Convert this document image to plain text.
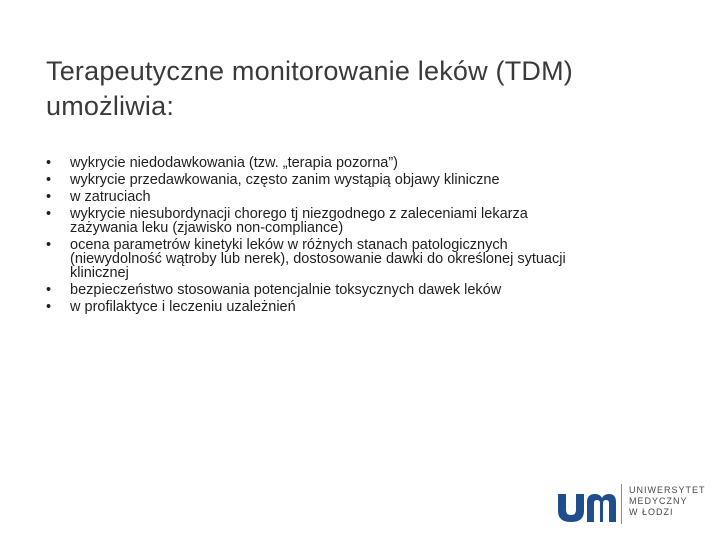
Terapeutyczne monitorowanie leków (TDM)
umożliwia:
•	wykrycie niedodawkowania (tzw. „terapia pozorna”)
•	wykrycie przedawkowania, często zanim wystąpią objawy kliniczne
•	w zatruciach
•	wykrycie niesubordynacji chorego tj niezgodnego z zaleceniami lekarza
zażywania leku (zjawisko non-compliance)
•	ocena parametrów kinetyki leków w różnych stanach patologicznych
(niewydolność wątroby lub nerek), dostosowanie dawki do określonej sytuacji
klinicznej
•	bezpieczeństwo stosowania potencjalnie toksycznych dawek leków
•	w profilaktyce i leczeniu uzależnień
UNIWERSYTET
MEDYCZNY
W ŁODZI
